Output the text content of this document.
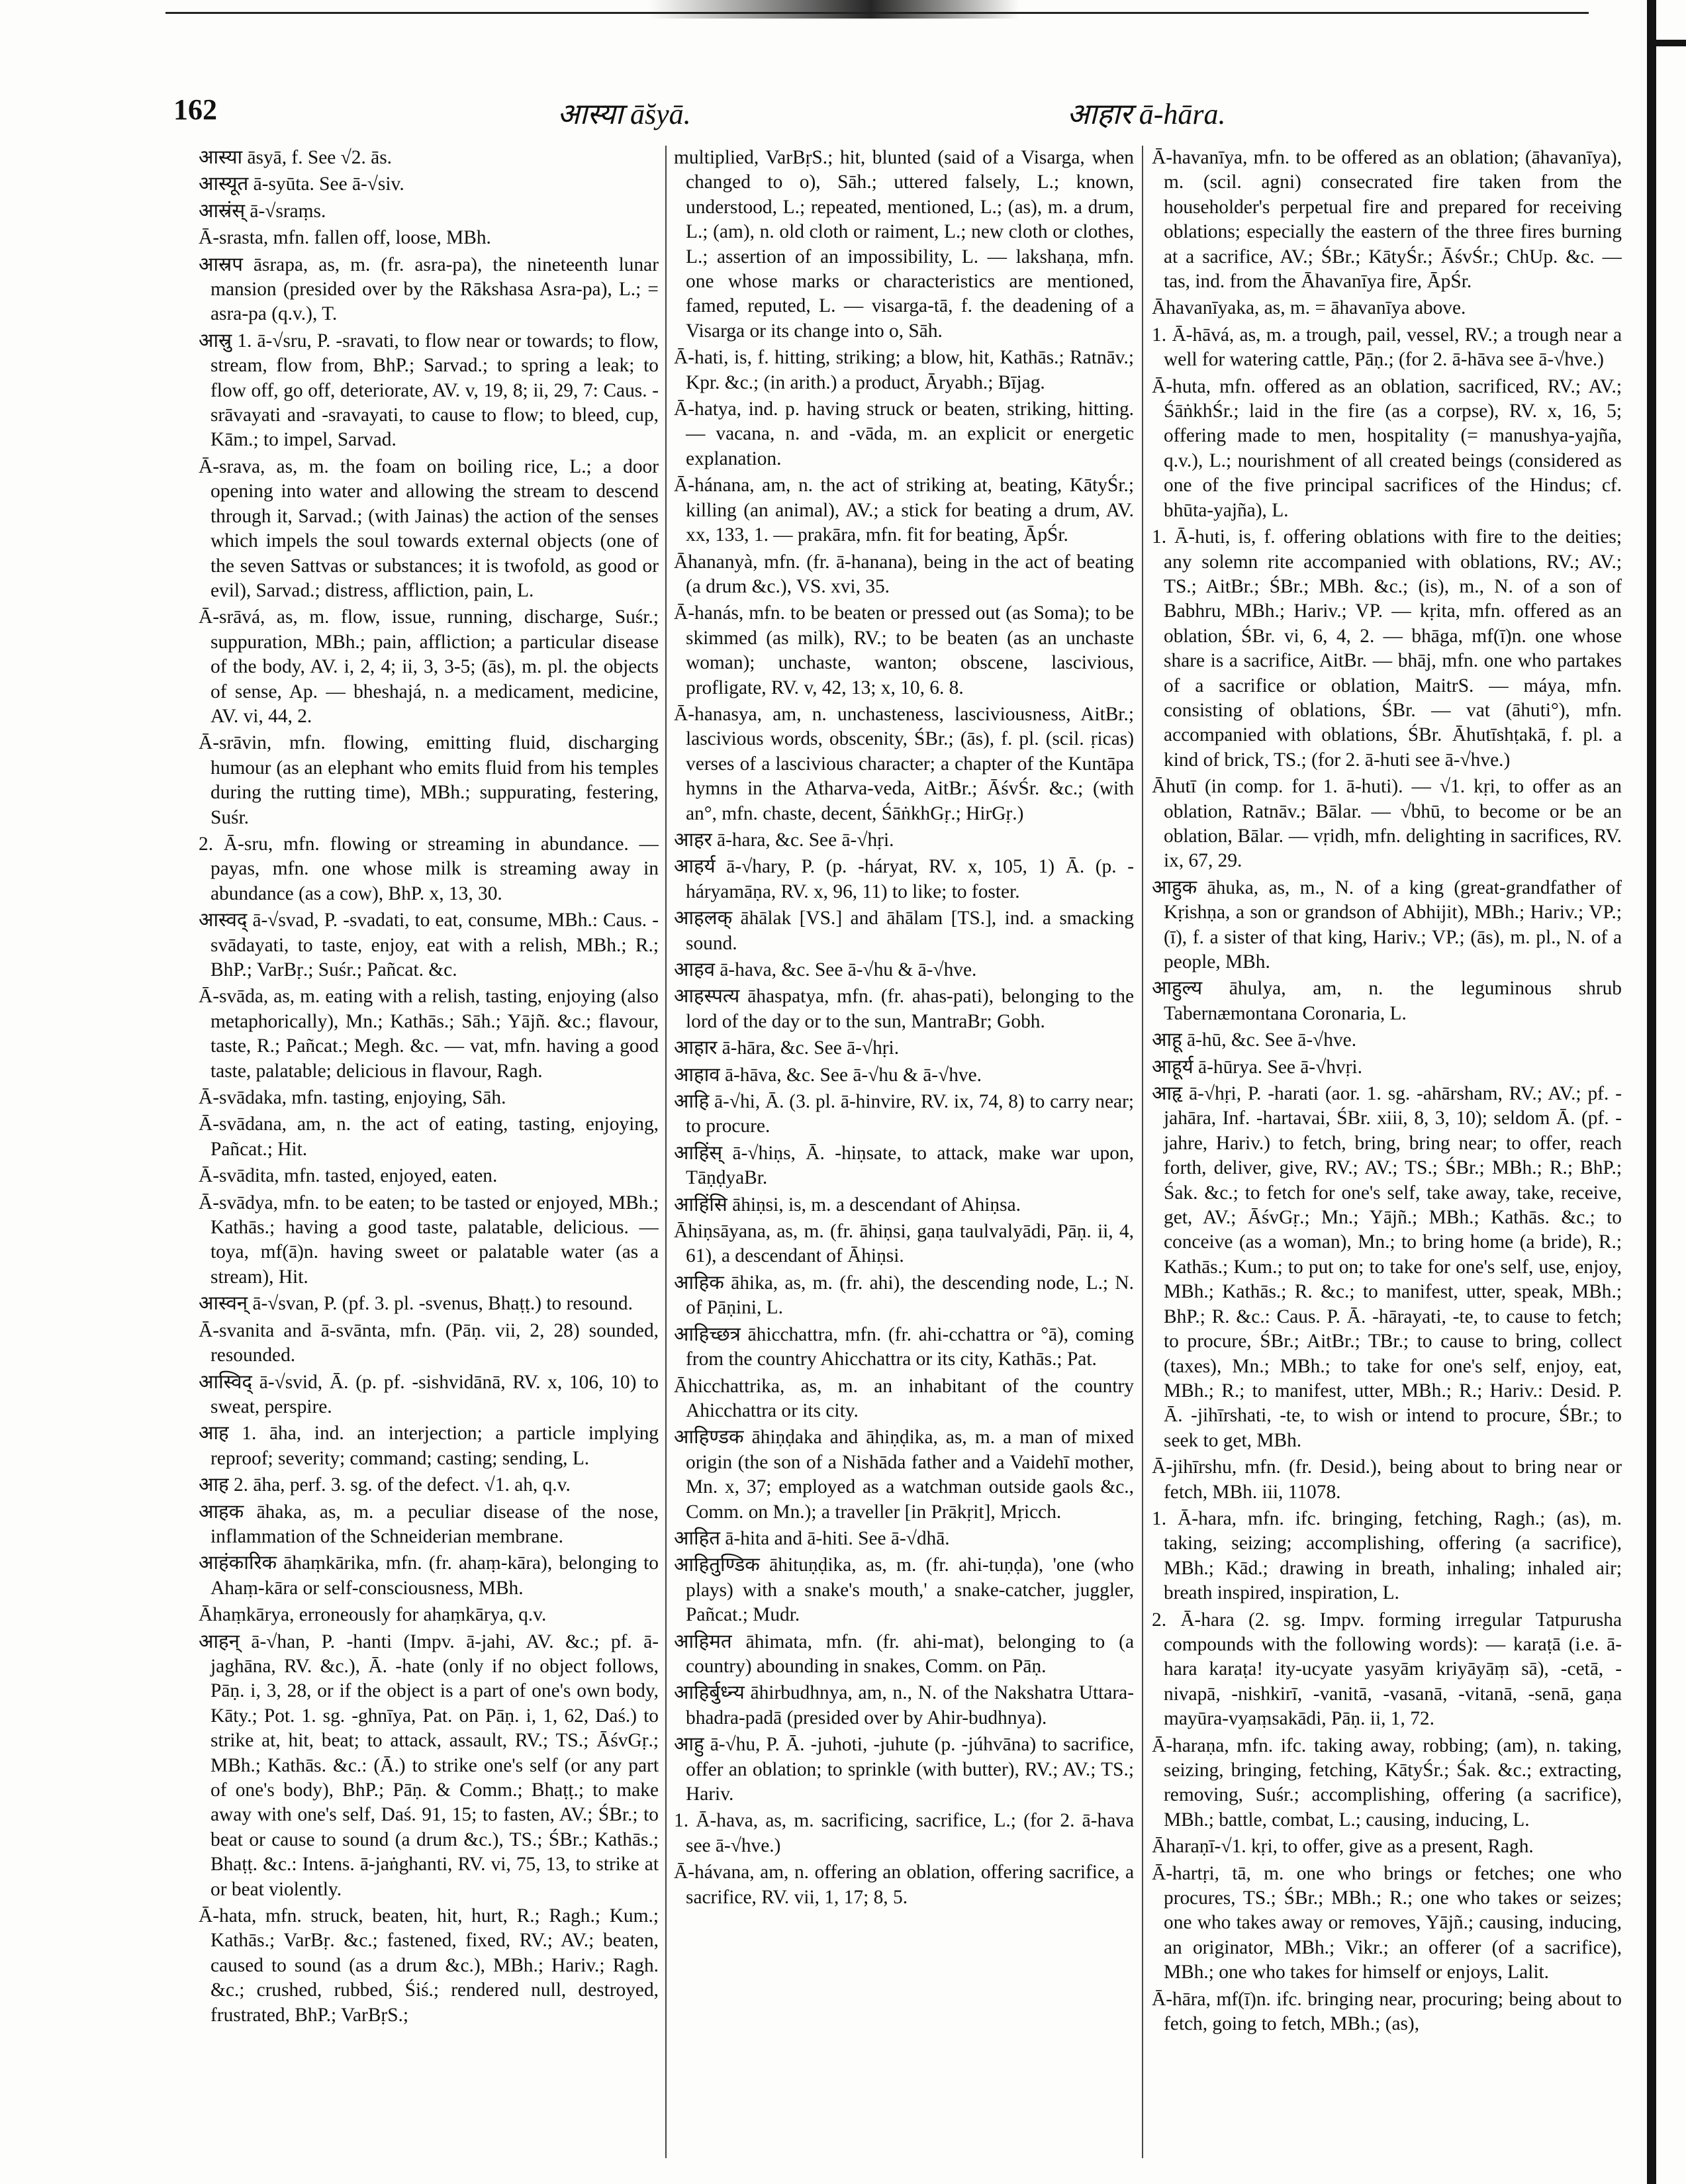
162	आस्या ā̆syā.	आहार ā-hāra.

आस्या āsyā, f. See √2. ās.

आस्यूत ā-syūta. See ā-√siv.

आस्रंस् ā-√sraṃs.

Ā-srasta, mfn. fallen off, loose, MBh.

आस्रप āsrapa, as, m. (fr. asra-pa), the nineteenth lunar mansion (presided over by the Rākshasa Asra-pa), L.; = asra-pa (q.v.), T.

आस्रु 1. ā-√sru, P. -sravati, to flow near or towards; to flow, stream, flow from, BhP.; Sarvad.; to spring a leak; to flow off, go off, deteriorate, AV. v, 19, 8; ii, 29, 7: Caus. -srāvayati and -sravayati, to cause to flow; to bleed, cup, Kām.; to impel, Sarvad.

Ā-srava, as, m. the foam on boiling rice, L.; a door opening into water and allowing the stream to descend through it, Sarvad.; (with Jainas) the action of the senses which impels the soul towards external objects (one of the seven Sattvas or substances; it is twofold, as good or evil), Sarvad.; distress, affliction, pain, L.

Ā-srāvá, as, m. flow, issue, running, discharge, Suśr.; suppuration, MBh.; pain, affliction; a particular disease of the body, AV. i, 2, 4; ii, 3, 3-5; (ās), m. pl. the objects of sense, Ap. — bheshajá, n. a medicament, medicine, AV. vi, 44, 2.

Ā-srāvin, mfn. flowing, emitting fluid, discharging humour (as an elephant who emits fluid from his temples during the rutting time), MBh.; suppurating, festering, Suśr.

2. Ā-sru, mfn. flowing or streaming in abundance. — payas, mfn. one whose milk is streaming away in abundance (as a cow), BhP. x, 13, 30.

आस्वद् ā-√svad, P. -svadati, to eat, consume, MBh.: Caus. -svādayati, to taste, enjoy, eat with a relish, MBh.; R.; BhP.; VarBṛ.; Suśr.; Pañcat. &c.

Ā-svāda, as, m. eating with a relish, tasting, enjoying (also metaphorically), Mn.; Kathās.; Sāh.; Yājñ. &c.; flavour, taste, R.; Pañcat.; Megh. &c. — vat, mfn. having a good taste, palatable; delicious in flavour, Ragh.

Ā-svādaka, mfn. tasting, enjoying, Sāh.

Ā-svādana, am, n. the act of eating, tasting, enjoying, Pañcat.; Hit.

Ā-svādita, mfn. tasted, enjoyed, eaten.

Ā-svādya, mfn. to be eaten; to be tasted or enjoyed, MBh.; Kathās.; having a good taste, palatable, delicious. — toya, mf(ā)n. having sweet or palatable water (as a stream), Hit.

आस्वन् ā-√svan, P. (pf. 3. pl. -svenus, Bhaṭṭ.) to resound.

Ā-svanita and ā-svānta, mfn. (Pāṇ. vii, 2, 28) sounded, resounded.

आस्विद् ā-√svid, Ā. (p. pf. -sishvidānā, RV. x, 106, 10) to sweat, perspire.

आह 1. āha, ind. an interjection; a particle implying reproof; severity; command; casting; sending, L.

आह 2. āha, perf. 3. sg. of the defect. √1. ah, q.v.

आहक āhaka, as, m. a peculiar disease of the nose, inflammation of the Schneiderian membrane.

आहंकारिक āhaṃkārika, mfn. (fr. ahaṃ-kāra), belonging to Ahaṃ-kāra or self-consciousness, MBh.

Āhaṃkārya, erroneously for ahaṃkārya, q.v.

आहन् ā-√han, P. -hanti (Impv. ā-jahi, AV. &c.; pf. ā-jaghāna, RV. &c.), Ā. -hate (only if no object follows, Pāṇ. i, 3, 28, or if the object is a part of one's own body, Kāty.; Pot. 1. sg. -ghnīya, Pat. on Pāṇ. i, 1, 62, Daś.) to strike at, hit, beat; to attack, assault, RV.; TS.; ĀśvGṛ.; MBh.; Kathās. &c.: (Ā.) to strike one's self (or any part of one's body), BhP.; Pāṇ. & Comm.; Bhaṭṭ.; to make away with one's self, Daś. 91, 15; to fasten, AV.; ŚBr.; to beat or cause to sound (a drum &c.), TS.; ŚBr.; Kathās.; Bhaṭṭ. &c.: Intens. ā-jaṅghanti, RV. vi, 75, 13, to strike at or beat violently.

Ā-hata, mfn. struck, beaten, hit, hurt, R.; Ragh.; Kum.; Kathās.; VarBṛ. &c.; fastened, fixed, RV.; AV.; beaten, caused to sound (as a drum &c.), MBh.; Hariv.; Ragh. &c.; crushed, rubbed, Śiś.; rendered null, destroyed, frustrated, BhP.; VarBṛS.;

multiplied, VarBṛS.; hit, blunted (said of a Visarga, when changed to o), Sāh.; uttered falsely, L.; known, understood, L.; repeated, mentioned, L.; (as), m. a drum, L.; (am), n. old cloth or raiment, L.; new cloth or clothes, L.; assertion of an impossibility, L. — lakshaṇa, mfn. one whose marks or characteristics are mentioned, famed, reputed, L. — visarga-tā, f. the deadening of a Visarga or its change into o, Sāh.

Ā-hati, is, f. hitting, striking; a blow, hit, Kathās.; Ratnāv.; Kpr. &c.; (in arith.) a product, Āryabh.; Bījag.

Ā-hatya, ind. p. having struck or beaten, striking, hitting. — vacana, n. and -vāda, m. an explicit or energetic explanation.

Ā-hánana, am, n. the act of striking at, beating, KātyŚr.; killing (an animal), AV.; a stick for beating a drum, AV. xx, 133, 1. — prakāra, mfn. fit for beating, ĀpŚr.

Āhananyà, mfn. (fr. ā-hanana), being in the act of beating (a drum &c.), VS. xvi, 35.

Ā-hanás, mfn. to be beaten or pressed out (as Soma); to be skimmed (as milk), RV.; to be beaten (as an unchaste woman); unchaste, wanton; obscene, lascivious, profligate, RV. v, 42, 13; x, 10, 6. 8.

Ā-hanasya, am, n. unchasteness, lasciviousness, AitBr.; lascivious words, obscenity, ŚBr.; (ās), f. pl. (scil. ṛicas) verses of a lascivious character; a chapter of the Kuntāpa hymns in the Atharva-veda, AitBr.; ĀśvŚr. &c.; (with an°, mfn. chaste, decent, ŚāṅkhGṛ.; HirGṛ.)

आहर ā-hara, &c. See ā-√hṛi.

आहर्य ā-√hary, P. (p. -háryat, RV. x, 105, 1) Ā. (p. -háryamāṇa, RV. x, 96, 11) to like; to foster.

आहलक् āhālak [VS.] and āhālam [TS.], ind. a smacking sound.

आहव ā-hava, &c. See ā-√hu & ā-√hve.

आहस्पत्य āhaspatya, mfn. (fr. ahas-pati), belonging to the lord of the day or to the sun, MantraBr; Gobh.

आहार ā-hāra, &c. See ā-√hṛi.

आहाव ā-hāva, &c. See ā-√hu & ā-√hve.

आहि ā-√hi, Ā. (3. pl. ā-hinvire, RV. ix, 74, 8) to carry near; to procure.

आहिंस् ā-√hiṇs, Ā. -hiṇsate, to attack, make war upon, TāṇḍyaBr.

आहिंसि āhiṇsi, is, m. a descendant of Ahiṇsa.

Āhiṇsāyana, as, m. (fr. āhiṇsi, gaṇa taulvalyādi, Pāṇ. ii, 4, 61), a descendant of Āhiṇsi.

आहिक āhika, as, m. (fr. ahi), the descending node, L.; N. of Pāṇini, L.

आहिच्छत्र āhicchattra, mfn. (fr. ahi-cchattra or °ā), coming from the country Ahicchattra or its city, Kathās.; Pat.

Āhicchattrika, as, m. an inhabitant of the country Ahicchattra or its city.

आहिण्डक āhiṇḍaka and āhiṇḍika, as, m. a man of mixed origin (the son of a Nishāda father and a Vaidehī mother, Mn. x, 37; employed as a watchman outside gaols &c., Comm. on Mn.); a traveller [in Prākṛit], Mṛicch.

आहित ā-hita and ā-hiti. See ā-√dhā.

आहितुण्डिक āhituṇḍika, as, m. (fr. ahi-tuṇḍa), 'one (who plays) with a snake's mouth,' a snake-catcher, juggler, Pañcat.; Mudr.

आहिमत āhimata, mfn. (fr. ahi-mat), belonging to (a country) abounding in snakes, Comm. on Pāṇ.

आहिर्बुध्न्य āhirbudhnya, am, n., N. of the Nakshatra Uttara-bhadra-padā (presided over by Ahir-budhnya).

आहु ā-√hu, P. Ā. -juhoti, -juhute (p. -júhvāna) to sacrifice, offer an oblation; to sprinkle (with butter), RV.; AV.; TS.; Hariv.

1. Ā-hava, as, m. sacrificing, sacrifice, L.; (for 2. ā-hava see ā-√hve.)

Ā-hávana, am, n. offering an oblation, offering sacrifice, a sacrifice, RV. vii, 1, 17; 8, 5.

Ā-havanīya, mfn. to be offered as an oblation; (āhavanīya), m. (scil. agni) consecrated fire taken from the householder's perpetual fire and prepared for receiving oblations; especially the eastern of the three fires burning at a sacrifice, AV.; ŚBr.; KātyŚr.; ĀśvŚr.; ChUp. &c. — tas, ind. from the Āhavanīya fire, ĀpŚr.

Āhavanīyaka, as, m. = āhavanīya above.

1. Ā-hāvá, as, m. a trough, pail, vessel, RV.; a trough near a well for watering cattle, Pāṇ.; (for 2. ā-hāva see ā-√hve.)

Ā-huta, mfn. offered as an oblation, sacrificed, RV.; AV.; ŚāṅkhŚr.; laid in the fire (as a corpse), RV. x, 16, 5; offering made to men, hospitality (= manushya-yajña, q.v.), L.; nourishment of all created beings (considered as one of the five principal sacrifices of the Hindus; cf. bhūta-yajña), L.

1. Ā-huti, is, f. offering oblations with fire to the deities; any solemn rite accompanied with oblations, RV.; AV.; TS.; AitBr.; ŚBr.; MBh. &c.; (is), m., N. of a son of Babhru, MBh.; Hariv.; VP. — kṛita, mfn. offered as an oblation, ŚBr. vi, 6, 4, 2. — bhāga, mf(ī)n. one whose share is a sacrifice, AitBr. — bhāj, mfn. one who partakes of a sacrifice or oblation, MaitrS. — máya, mfn. consisting of oblations, ŚBr. — vat (āhuti°), mfn. accompanied with oblations, ŚBr. Āhutīshṭakā, f. pl. a kind of brick, TS.; (for 2. ā-huti see ā-√hve.)

Āhutī (in comp. for 1. ā-huti). — √1. kṛi, to offer as an oblation, Ratnāv.; Bālar. — √bhū, to become or be an oblation, Bālar. — vṛidh, mfn. delighting in sacrifices, RV. ix, 67, 29.

आहुक āhuka, as, m., N. of a king (great-grandfather of Kṛishṇa, a son or grandson of Abhijit), MBh.; Hariv.; VP.; (ī), f. a sister of that king, Hariv.; VP.; (ās), m. pl., N. of a people, MBh.

आहुल्य āhulya, am, n. the leguminous shrub Tabernæmontana Coronaria, L.

आहू ā-hū, &c. See ā-√hve.

आहूर्य ā-hūrya. See ā-√hvṛi.

आहृ ā-√hṛi, P. -harati (aor. 1. sg. -ahārsham, RV.; AV.; pf. -jahāra, Inf. -hartavai, ŚBr. xiii, 8, 3, 10); seldom Ā. (pf. -jahre, Hariv.) to fetch, bring, bring near; to offer, reach forth, deliver, give, RV.; AV.; TS.; ŚBr.; MBh.; R.; BhP.; Śak. &c.; to fetch for one's self, take away, take, receive, get, AV.; ĀśvGṛ.; Mn.; Yājñ.; MBh.; Kathās. &c.; to conceive (as a woman), Mn.; to bring home (a bride), R.; Kathās.; Kum.; to put on; to take for one's self, use, enjoy, MBh.; Kathās.; R. &c.; to manifest, utter, speak, MBh.; BhP.; R. &c.: Caus. P. Ā. -hārayati, -te, to cause to fetch; to procure, ŚBr.; AitBr.; TBr.; to cause to bring, collect (taxes), Mn.; MBh.; to take for one's self, enjoy, eat, MBh.; R.; to manifest, utter, MBh.; R.; Hariv.: Desid. P. Ā. -jihīrshati, -te, to wish or intend to procure, ŚBr.; to seek to get, MBh.

Ā-jihīrshu, mfn. (fr. Desid.), being about to bring near or fetch, MBh. iii, 11078.

1. Ā-hara, mfn. ifc. bringing, fetching, Ragh.; (as), m. taking, seizing; accomplishing, offering (a sacrifice), MBh.; Kād.; drawing in breath, inhaling; inhaled air; breath inspired, inspiration, L.

2. Ā-hara (2. sg. Impv. forming irregular Tatpurusha compounds with the following words): — karaṭā (i.e. ā-hara karaṭa! ity-ucyate yasyām kriyāyāṃ sā), -cetā, -nivapā, -nishkirī, -vanitā, -vasanā, -vitanā, -senā, gaṇa mayūra-vyaṃsakādi, Pāṇ. ii, 1, 72.

Ā-haraṇa, mfn. ifc. taking away, robbing; (am), n. taking, seizing, bringing, fetching, KātyŚr.; Śak. &c.; extracting, removing, Suśr.; accomplishing, offering (a sacrifice), MBh.; battle, combat, L.; causing, inducing, L.

Āharaṇī-√1. kṛi, to offer, give as a present, Ragh.

Ā-hartṛi, tā, m. one who brings or fetches; one who procures, TS.; ŚBr.; MBh.; R.; one who takes or seizes; one who takes away or removes, Yājñ.; causing, inducing, an originator, MBh.; Vikr.; an offerer (of a sacrifice), MBh.; one who takes for himself or enjoys, Lalit.

Ā-hāra, mf(ī)n. ifc. bringing near, procuring; being about to fetch, going to fetch, MBh.; (as),
